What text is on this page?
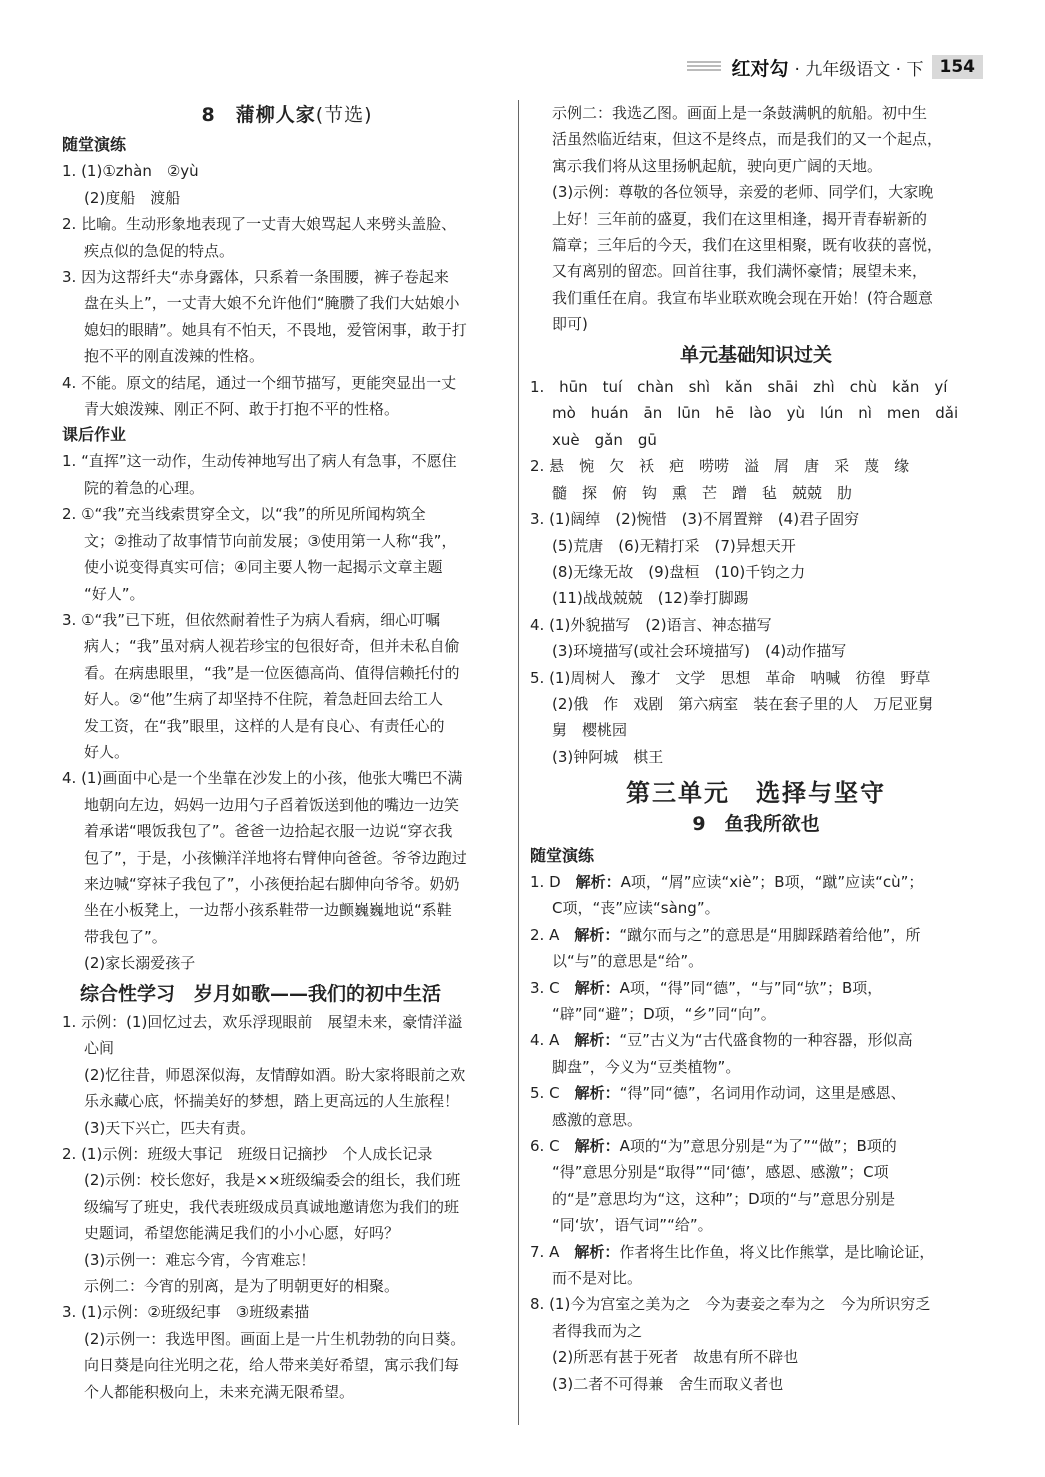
红对勾 · 九年级语文 · 下 154
8　蒲柳人家(节选)
随堂演练
1. (1)①zhàn　②yù
(2)度船　渡船
2. 比喻。生动形象地表现了一丈青大娘骂起人来劈头盖脸、
疾点似的急促的特点。
3. 因为这帮纤夫“赤身露体，只系着一条围腰，裤子卷起来
盘在头上”，一丈青大娘不允许他们“腌臜了我们大姑娘小
媳妇的眼睛”。她具有不怕天，不畏地，爱管闲事，敢于打
抱不平的刚直泼辣的性格。
4. 不能。原文的结尾，通过一个细节描写，更能突显出一丈
青大娘泼辣、刚正不阿、敢于打抱不平的性格。
课后作业
1. “直挥”这一动作，生动传神地写出了病人有急事，不愿住
院的着急的心理。
2. ①“我”充当线索贯穿全文，以“我”的所见所闻构筑全
文；②推动了故事情节向前发展；③使用第一人称“我”，
使小说变得真实可信；④同主要人物一起揭示文章主题
“好人”。
3. ①“我”已下班，但依然耐着性子为病人看病，细心叮嘱
病人；“我”虽对病人视若珍宝的包很好奇，但并未私自偷
看。在病患眼里，“我”是一位医德高尚、值得信赖托付的
好人。②“他”生病了却坚持不住院，着急赶回去给工人
发工资，在“我”眼里，这样的人是有良心、有责任心的
好人。
4. (1)画面中心是一个坐靠在沙发上的小孩，他张大嘴巴不满
地朝向左边，妈妈一边用勺子舀着饭送到他的嘴边一边笑
着承诺“喂饭我包了”。爸爸一边拾起衣服一边说“穿衣我
包了”，于是，小孩懒洋洋地将右臂伸向爸爸。爷爷边跑过
来边喊“穿袜子我包了”，小孩便抬起右脚伸向爷爷。奶奶
坐在小板凳上，一边帮小孩系鞋带一边颤巍巍地说“系鞋
带我包了”。
(2)家长溺爱孩子
综合性学习　岁月如歌——我们的初中生活
1. 示例：(1)回忆过去，欢乐浮现眼前　展望未来，豪情洋溢
心间
(2)忆往昔，师恩深似海，友情醇如酒。盼大家将眼前之欢
乐永藏心底，怀揣美好的梦想，踏上更高远的人生旅程！
(3)天下兴亡，匹夫有责。
2. (1)示例：班级大事记　班级日记摘抄　个人成长记录
(2)示例：校长您好，我是××班级编委会的组长，我们班
级编写了班史，我代表班级成员真诚地邀请您为我们的班
史题词，希望您能满足我们的小小心愿，好吗？
(3)示例一：难忘今宵，今宵难忘！
示例二：今宵的别离，是为了明朝更好的相聚。
3. (1)示例：②班级纪事　③班级素描
(2)示例一：我选甲图。画面上是一片生机勃勃的向日葵。
向日葵是向往光明之花，给人带来美好希望，寓示我们每
个人都能积极向上，未来充满无限希望。
示例二：我选乙图。画面上是一条鼓满帆的航船。初中生
活虽然临近结束，但这不是终点，而是我们的又一个起点，
寓示我们将从这里扬帆起航，驶向更广阔的天地。
(3)示例：尊敬的各位领导，亲爱的老师、同学们，大家晚
上好！三年前的盛夏，我们在这里相逢，揭开青春崭新的
篇章；三年后的今天，我们在这里相聚，既有收获的喜悦，
又有离别的留恋。回首往事，我们满怀豪情；展望未来，
我们重任在肩。我宣布毕业联欢晚会现在开始！(符合题意
即可)
单元基础知识过关
1. hūn　tuí　chàn　shì　kǎn　shāi　zhì　chù　kǎn　yí
mò　huán　ān　lūn　hē　lào　yù　lún　nì　men　dǎi
xuè　gǎn　gū
2. 悬　惋　欠　袄　疤　唠唠　溢　屑　唐　采　蔑　缘
髓　探　俯　钩　熏　芒　蹭　毡　兢兢　肋
3. (1)阔绰　(2)惋惜　(3)不屑置辩　(4)君子固穷
(5)荒唐　(6)无精打采　(7)异想天开
(8)无缘无故　(9)盘桓　(10)千钧之力
(11)战战兢兢　(12)拳打脚踢
4. (1)外貌描写　(2)语言、神态描写
(3)环境描写(或社会环境描写)　(4)动作描写
5. (1)周树人　豫才　文学　思想　革命　呐喊　彷徨　野草
(2)俄　作　戏剧　第六病室　装在套子里的人　万尼亚舅
舅　樱桃园
(3)钟阿城　棋王
第三单元　选择与坚守
9　鱼我所欲也
随堂演练
1. D　解析：A项，“屑”应读“xiè”；B项，“蹴”应读“cù”；
C项，“丧”应读“sàng”。
2. A　解析：“蹴尔而与之”的意思是“用脚踩踏着给他”，所
以“与”的意思是“给”。
3. C　解析：A项，“得”同“德”，“与”同“欤”；B项，
“辟”同“避”；D项，“乡”同“向”。
4. A　解析：“豆”古义为“古代盛食物的一种容器，形似高
脚盘”，今义为“豆类植物”。
5. C　解析：“得”同“德”，名词用作动词，这里是感恩、
感激的意思。
6. C　解析：A项的“为”意思分别是“为了”“做”；B项的
“得”意思分别是“取得”“同‘德’，感恩、感激”；C项
的“是”意思均为“这，这种”；D项的“与”意思分别是
“同‘欤’，语气词”“给”。
7. A　解析：作者将生比作鱼，将义比作熊掌，是比喻论证，
而不是对比。
8. (1)今为宫室之美为之　今为妻妾之奉为之　今为所识穷乏
者得我而为之
(2)所恶有甚于死者　故患有所不辟也
(3)二者不可得兼　舍生而取义者也
